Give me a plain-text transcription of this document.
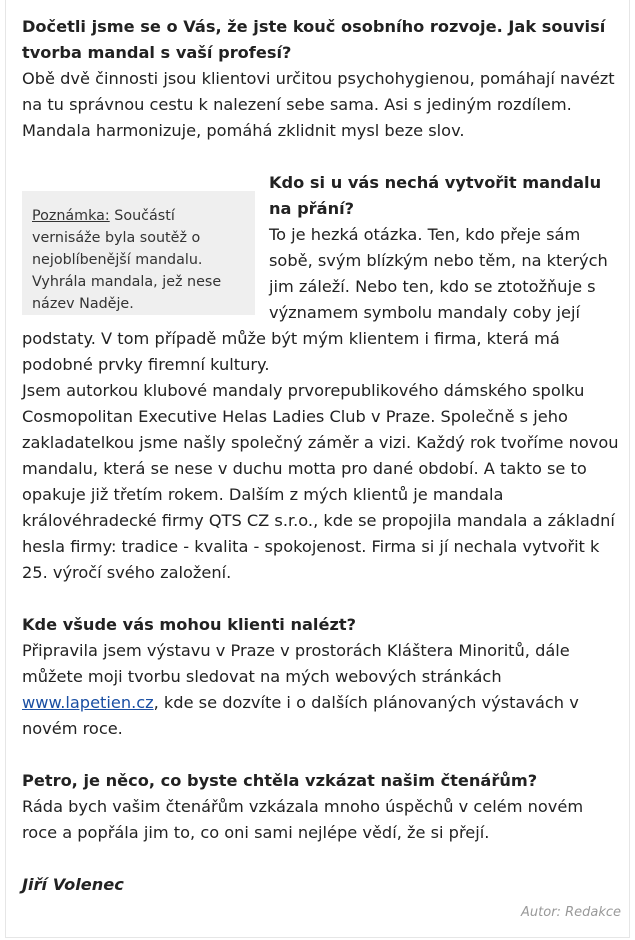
Dočetli jsme se o Vás, že jste kouč osobního rozvoje. Jak souvisí tvorba mandal s vaší profesí?

Obě dvě činnosti jsou klientovi určitou psychohygienou, pomáhají navézt na tu správnou cestu k nalezení sebe sama. Asi s jediným rozdílem. Mandala harmonizuje, pomáhá zklidnit mysl beze slov.

Poznámka: Součástí vernisáže byla soutěž o nejoblíbenější mandalu. Vyhrála mandala, jež nese název Naděje.

Kdo si u vás nechá vytvořit mandalu na přání?

To je hezká otázka. Ten, kdo přeje sám sobě, svým blízkým nebo těm, na kterých jim záleží. Nebo ten, kdo se ztotožňuje s významem symbolu mandaly coby její podstaty. V tom případě může být mým klientem i firma, která má podobné prvky firemní kultury.

Jsem autorkou klubové mandaly prvorepublikového dámského spolku Cosmopolitan Executive Helas Ladies Club v Praze. Společně s jeho zakladatelkou jsme našly společný záměr a vizi. Každý rok tvoříme novou mandalu, která se nese v duchu motta pro dané období. A takto se to opakuje již třetím rokem. Dalším z mých klientů je mandala královéhradecké firmy QTS CZ s.r.o., kde se propojila mandala a základní hesla firmy: tradice - kvalita - spokojenost. Firma si jí nechala vytvořit k 25. výročí svého založení.

Kde všude vás mohou klienti nalézt?

Připravila jsem výstavu v Praze v prostorách Kláštera Minoritů, dále můžete moji tvorbu sledovat na mých webových stránkách www.lapetien.cz, kde se dozvíte i o dalších plánovaných výstavách v novém roce.

Petro, je něco, co byste chtěla vzkázat našim čtenářům?

Ráda bych vašim čtenářům vzkázala mnoho úspěchů v celém novém roce a popřála jim to, co oni sami nejlépe vědí, že si přejí.

Jiří Volenec

Autor: Redakce
